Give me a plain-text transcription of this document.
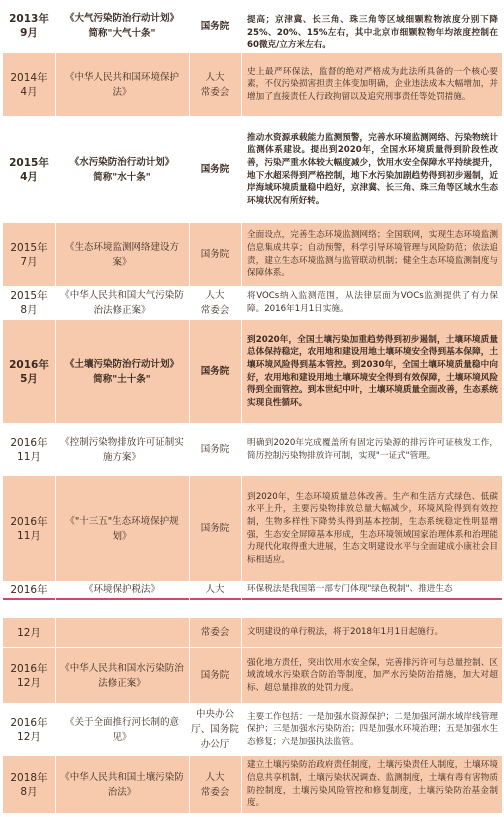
2013年
9月
《大气污染防治行动计划》
简称"大气十条"
国务院
提高；京津冀、长三角、珠三角等区域细颗粒物浓度分别下降25%、20%、15%左右，其中北京市细颗粒物年均浓度控制在60微克/立方米左右。
2014年
4月
《中华人民共和国环境保护法》
人大
常委会
史上最严环保法，监督的绝对严格成为此法所具备的一个核心要素，不仅污染损害担责主体变加明确，企业违法成本大幅增加，并增加了直接责任人行政拘留以及追究刑事责任等处罚措施。
2015年
4月
《水污染防治行动计划》
简称"水十条"
国务院
推动水资源承载能力监测预警，完善水环境监测网络、污染物统计监测体系建设。提出到2020年，全国水环境质量得到阶段性改善，污染严重水体较大幅度减少，饮用水安全保障水平持续提升，地下水超采得到严格控制，地下水污染加剧趋势得到初步遏制，近岸海域环境质量稳中趋好，京津冀、长三角、珠三角等区域水生态环境状况有所好转。
2015年
7月
《生态环境监测网络建设方案》
国务院
全面设点，完善生态环境监测网络；全国联网，实现生态环境监测信息集成共享；自动预警，科学引导环境管理与风险防范；依法追责，建立生态环境监测与监管联动机制；健全生态环境监测制度与保障体系。
2015年
8月
《中华人民共和国大气污染防治法修正案》
人大
常委会
将VOCs纳入监测范围，从法律层面为VOCs监测提供了有力保障。2016年1月1日实施。
2016年
5月
《土壤污染防治行动计划》
简称"土十条"
国务院
到2020年，全国土壤污染加重趋势得到初步遏制，土壤环境质量总体保持稳定，农用地和建设用地土壤环境安全得到基本保障，土壤环境风险得到基本管控。到2030年，全国土壤环境质量稳中向好，农用地和建设用地土壤环境安全得到有效保障，土壤环境风险得到全面管控。到本世纪中叶，土壤环境质量全面改善，生态系统实现良性循环。
2016年
11月
《控制污染物排放许可证制实施方案》
国务院
明确到2020年完成覆盖所有固定污染源的排污许可证核发工作，简历控制污染物排放许可制，实现"一证式"管理。
2016年
11月
《"十三五"生态环境保护规划》
国务院
到2020年，生态环境质量总体改善。生产和生活方式绿色、低碳水平上升，主要污染物排放总量大幅减少，环境风险得到有效控制，生物多样性下降势头得到基本控制，生态系统稳定性明显增强，生态安全屏障基本形成，生态环境领域国家治理体系和治理能力现代化取得重大进展，生态文明建设水平与全面建成小康社会目标相适应。
2016年	《环境保护税法》	人大	环保税法是我国第一部专门体现"绿色税制"、推进生态
12月	常委会	文明建设的单行税法，将于2018年1月1日起施行。
2016年
12月
《中华人民共和国水污染防治法修正案》
国务院
强化地方责任，突出饮用水安全保，完善排污许可与总量控制、区域流域水污染联合防治等制度，加严水污染防治措施，加大对超标、超总量排放的处罚力度。
2016年
12月
《关于全面推行河长制的意见》
中央办公厅、国务院办公厅
主要工作包括：一是加强水资源保护；二是加强河湖水域岸线管理保护；三是加强水污染防治；四是加强水环境治理；五是加强水生态修复；六是加强执法监管。
2018年
8月
《中华人民共和国土壤污染防治法》
人大
常委会
建立土壤污染防治政府责任制度，土壤污染责任人制度，土壤环境信息共享机制，土壤污染状况调查、监测制度，土壤有毒有害物质防控制度，土壤污染风险管控和修复制度，土壤污染防治基金制度。
